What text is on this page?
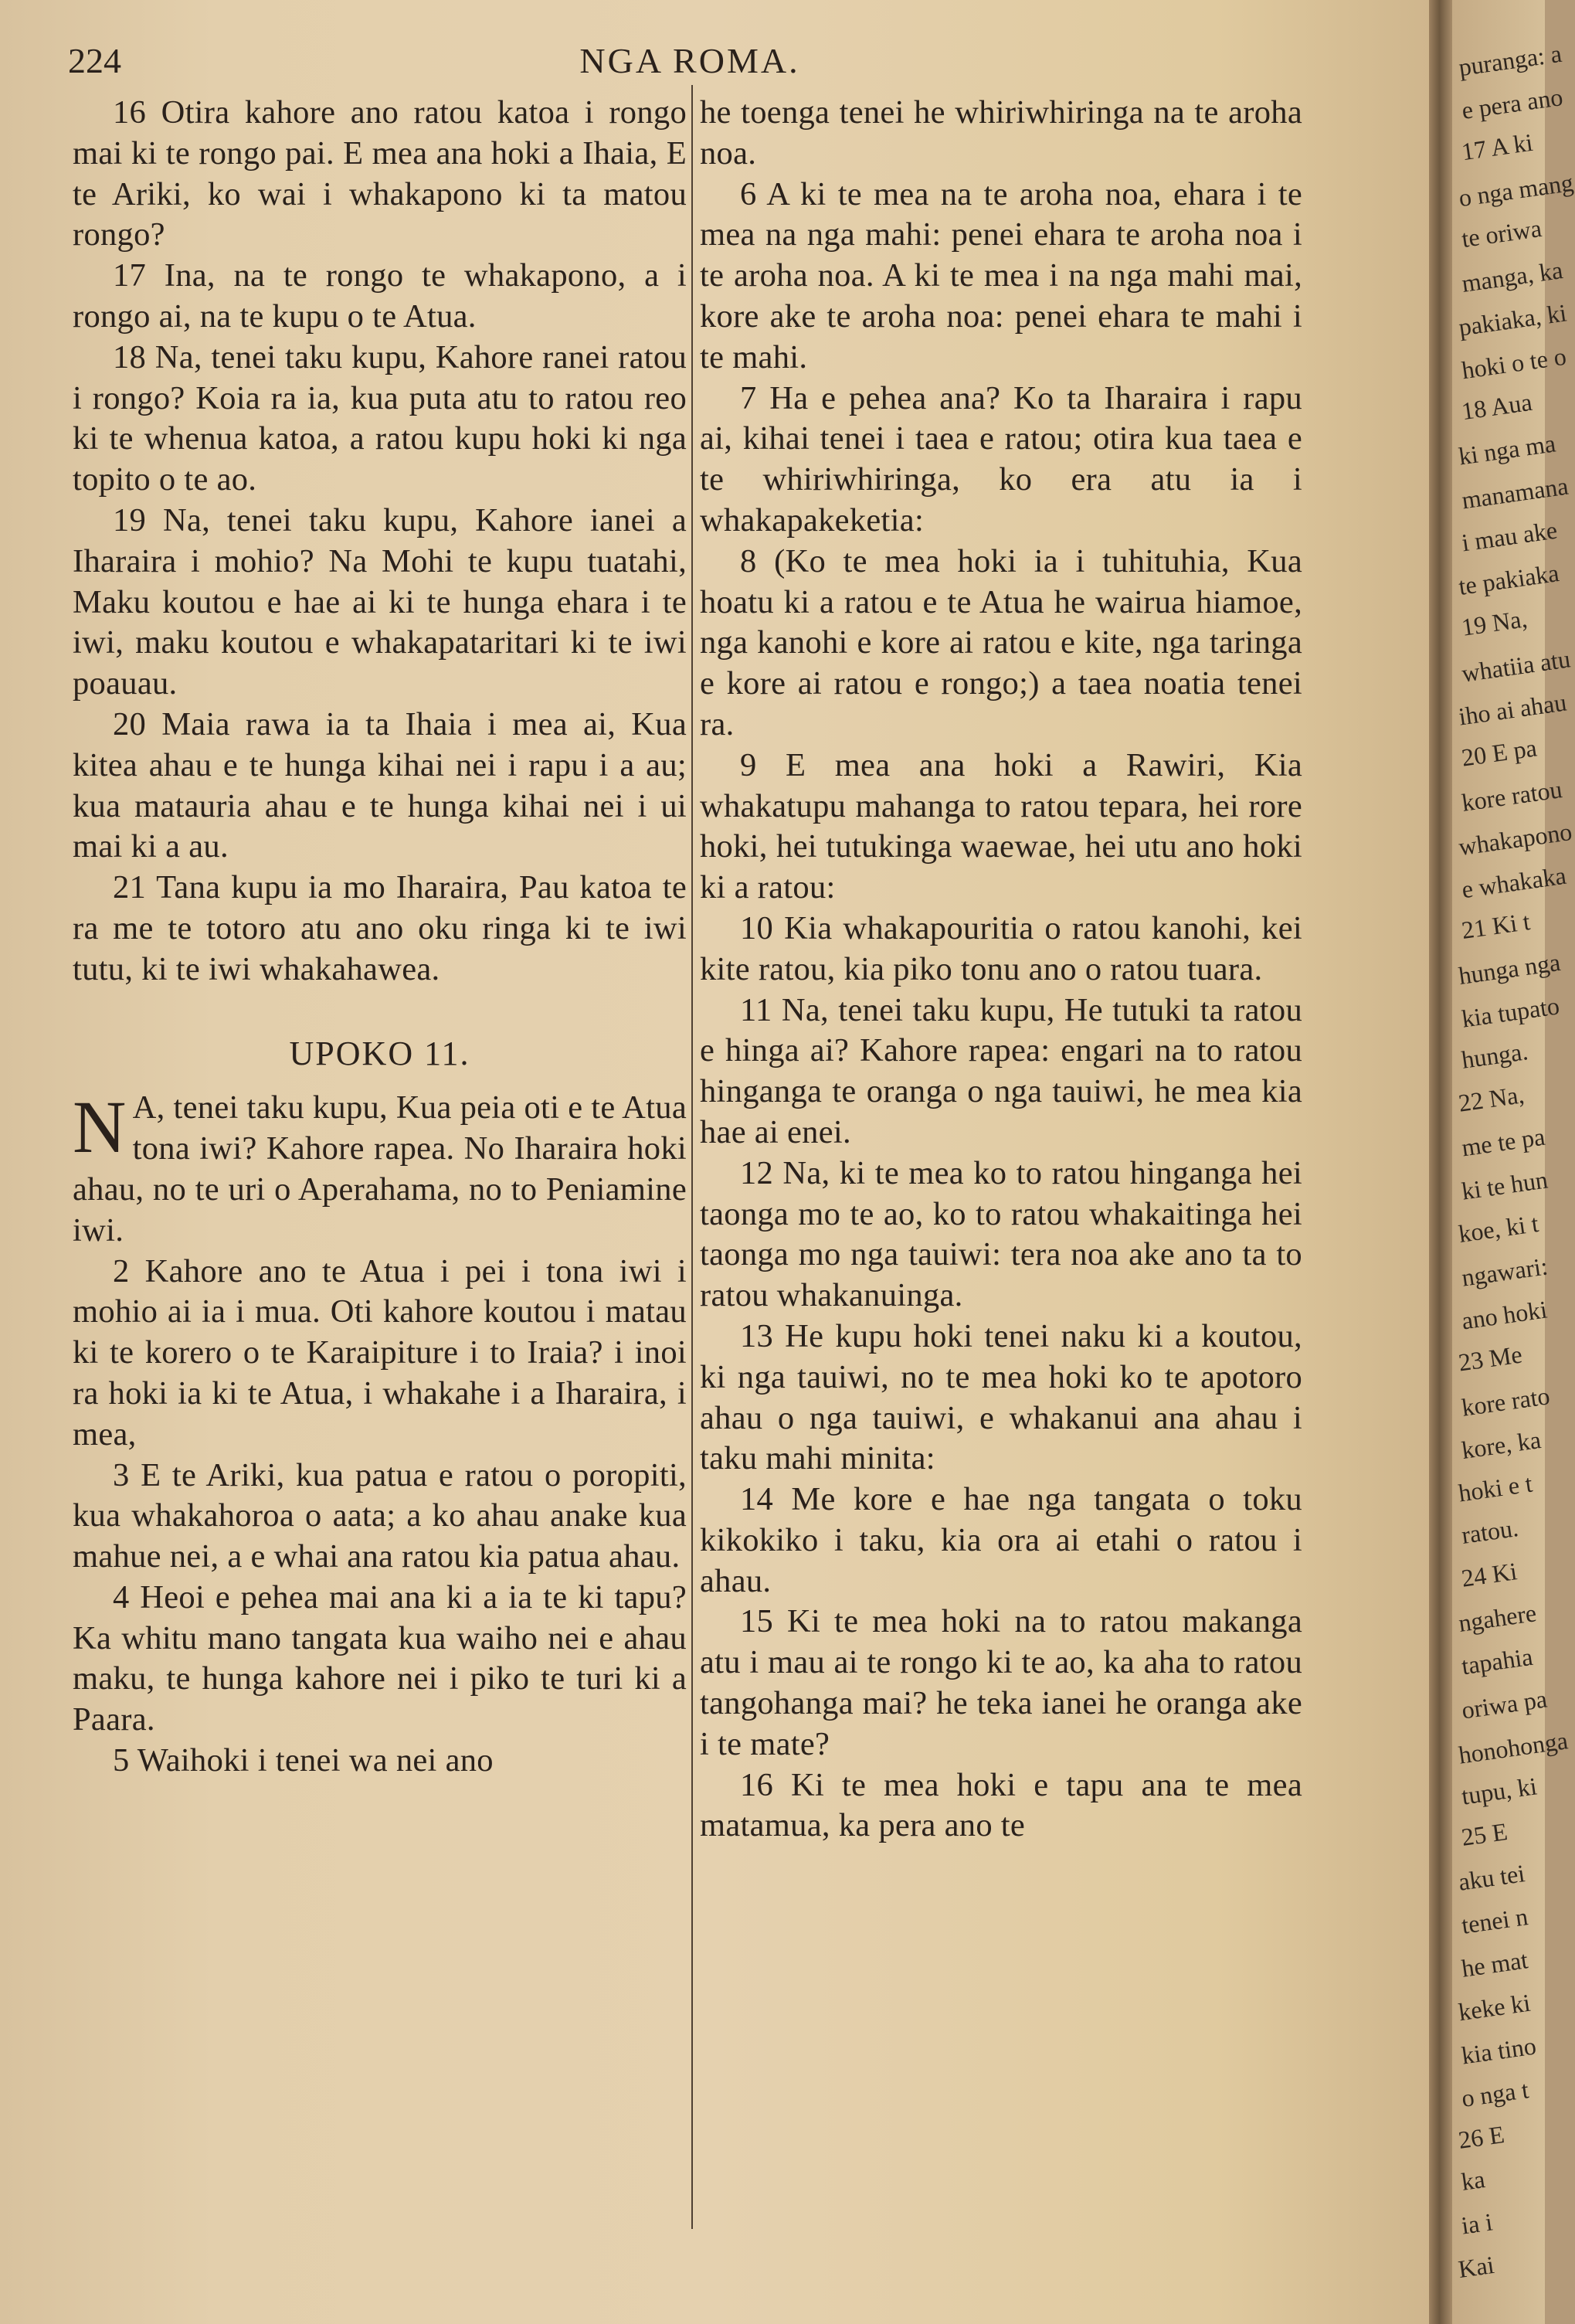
224	NGA ROMA.

16 Otira kahore ano ratou katoa i rongo mai ki te rongo pai. E mea ana hoki a Ihaia, E te Ariki, ko wai i whakapono ki ta matou rongo?

17 Ina, na te rongo te whakapono, a i rongo ai, na te kupu o te Atua.

18 Na, tenei taku kupu, Kahore ranei ratou i rongo? Koia ra ia, kua puta atu to ratou reo ki te whenua katoa, a ratou kupu hoki ki nga topito o te ao.

19 Na, tenei taku kupu, Kahore ianei a Iharaira i mohio? Na Mohi te kupu tuatahi, Maku koutou e hae ai ki te hunga ehara i te iwi, maku koutou e whakapataritari ki te iwi poauau.

20 Maia rawa ia ta Ihaia i mea ai, Kua kitea ahau e te hunga kihai nei i rapu i a au; kua matauria ahau e te hunga kihai nei i ui mai ki a au.

21 Tana kupu ia mo Iharaira, Pau katoa te ra me te totoro atu ano oku ringa ki te iwi tutu, ki te iwi whakahawea.

UPOKO 11.

N A, tenei taku kupu, Kua peia oti e te Atua tona iwi? Kahore rapea. No Iharaira hoki ahau, no te uri o Aperahama, no to Peniamine iwi.

2 Kahore ano te Atua i pei i tona iwi i mohio ai ia i mua. Oti kahore koutou i matau ki te korero o te Karaipiture i to Iraia? i inoi ra hoki ia ki te Atua, i whakahe i a Iharaira, i mea,

3 E te Ariki, kua patua e ratou o poropiti, kua whakahoroa o aata; a ko ahau anake kua mahue nei, a e whai ana ratou kia patua ahau.

4 Heoi e pehea mai ana ki a ia te ki tapu? Ka whitu mano tangata kua waiho nei e ahau maku, te hunga kahore nei i piko te turi ki a Paara.

5 Waihoki i tenei wa nei ano

he toenga tenei he whiriwhiringa na te aroha noa.

6 A ki te mea na te aroha noa, ehara i te mea na nga mahi: penei ehara te aroha noa i te aroha noa. A ki te mea i na nga mahi mai, kore ake te aroha noa: penei ehara te mahi i te mahi.

7 Ha e pehea ana? Ko ta Iharaira i rapu ai, kihai tenei i taea e ratou; otira kua taea e te whiriwhiringa, ko era atu ia i whakapakeketia:

8 (Ko te mea hoki ia i tuhituhia, Kua hoatu ki a ratou e te Atua he wairua hiamoe, nga kanohi e kore ai ratou e kite, nga taringa e kore ai ratou e rongo;) a taea noatia tenei ra.

9 E mea ana hoki a Rawiri, Kia whakatupu mahanga to ratou tepara, hei rore hoki, hei tutukinga waewae, hei utu ano hoki ki a ratou:

10 Kia whakapouritia o ratou kanohi, kei kite ratou, kia piko tonu ano o ratou tuara.

11 Na, tenei taku kupu, He tutuki ta ratou e hinga ai? Kahore rapea: engari na to ratou hinganga te oranga o nga tauiwi, he mea kia hae ai enei.

12 Na, ki te mea ko to ratou hinganga hei taonga mo te ao, ko to ratou whakaitinga hei taonga mo nga tauiwi: tera noa ake ano ta to ratou whakanuinga.

13 He kupu hoki tenei naku ki a koutou, ki nga tauiwi, no te mea hoki ko te apotoro ahau o nga tauiwi, e whakanui ana ahau i taku mahi minita:

14 Me kore e hae nga tangata o toku kikokiko i taku, kia ora ai etahi o ratou i ahau.

15 Ki te mea hoki na to ratou makanga atu i mau ai te rongo ki te ao, ka aha to ratou tangohanga mai? he teka ianei he oranga ake i te mate?

16 Ki te mea hoki e tapu ana te mea matamua, ka pera ano te

puranga: a
e pera ano
17 A ki
o nga mang
te oriwa
manga, ka
pakiaka, ki
hoki o te o
18 Aua
ki nga ma
manamana
i mau ake
te pakiaka
19 Na,
whatiia atu
iho ai ahau
20 E pa
kore ratou
whakapono
e whakaka
21 Ki t
hunga nga
kia tupato
hunga.
22 Na,
me te pa
ki te hun
koe, ki t
ngawari:
ano hoki
23 Me
kore rato
kore, ka
hoki e t
ratou.
24 Ki
ngahere
tapahia
oriwa pa
honohonga
tupu, ki
25 E
aku tei
tenei n
he mat
keke ki
kia tino
o nga t
26 E
ka
ia i
Kai
